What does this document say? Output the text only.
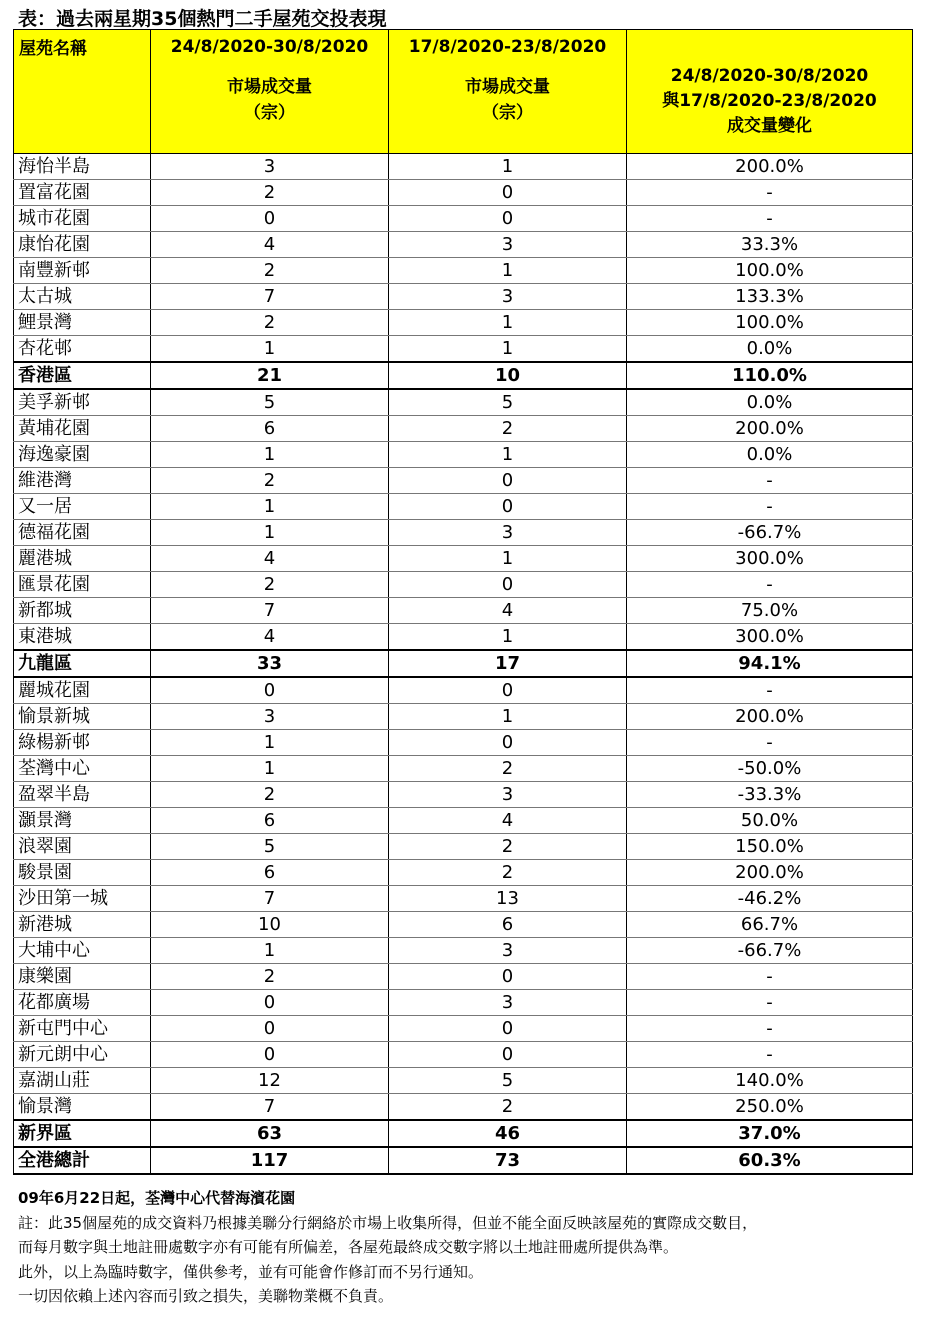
表：過去兩星期35個熱門二手屋苑交投表現
屋苑名稱	24/8/2020-30/8/2020
市場成交量
（宗）	17/8/2020-23/8/2020
市場成交量
（宗）	24/8/2020-30/8/2020
與17/8/2020-23/8/2020
成交量變化

海怡半島	3	1	200.0%
置富花園	2	0	-
城市花園	0	0	-
康怡花園	4	3	33.3%
南豐新邨	2	1	100.0%
太古城	7	3	133.3%
鯉景灣	2	1	100.0%
杏花邨	1	1	0.0%
香港區	21	10	110.0%
美孚新邨	5	5	0.0%
黃埔花園	6	2	200.0%
海逸豪園	1	1	0.0%
維港灣	2	0	-
又一居	1	0	-
德福花園	1	3	-66.7%
麗港城	4	1	300.0%
匯景花園	2	0	-
新都城	7	4	75.0%
東港城	4	1	300.0%
九龍區	33	17	94.1%
麗城花園	0	0	-
愉景新城	3	1	200.0%
綠楊新邨	1	0	-
荃灣中心	1	2	-50.0%
盈翠半島	2	3	-33.3%
灝景灣	6	4	50.0%
浪翠園	5	2	150.0%
駿景園	6	2	200.0%
沙田第一城	7	13	-46.2%
新港城	10	6	66.7%
大埔中心	1	3	-66.7%
康樂園	2	0	-
花都廣場	0	3	-
新屯門中心	0	0	-
新元朗中心	0	0	-
嘉湖山莊	12	5	140.0%
愉景灣	7	2	250.0%
新界區	63	46	37.0%
全港總計	117	73	60.3%
09年6月22日起，荃灣中心代替海濱花園
註：此35個屋苑的成交資料乃根據美聯分行網絡於市場上收集所得，但並不能全面反映該屋苑的實際成交數目，
而每月數字與土地註冊處數字亦有可能有所偏差，各屋苑最終成交數字將以土地註冊處所提供為準。
此外，以上為臨時數字，僅供參考，並有可能會作修訂而不另行通知。
一切因依賴上述內容而引致之損失，美聯物業概不負責。
